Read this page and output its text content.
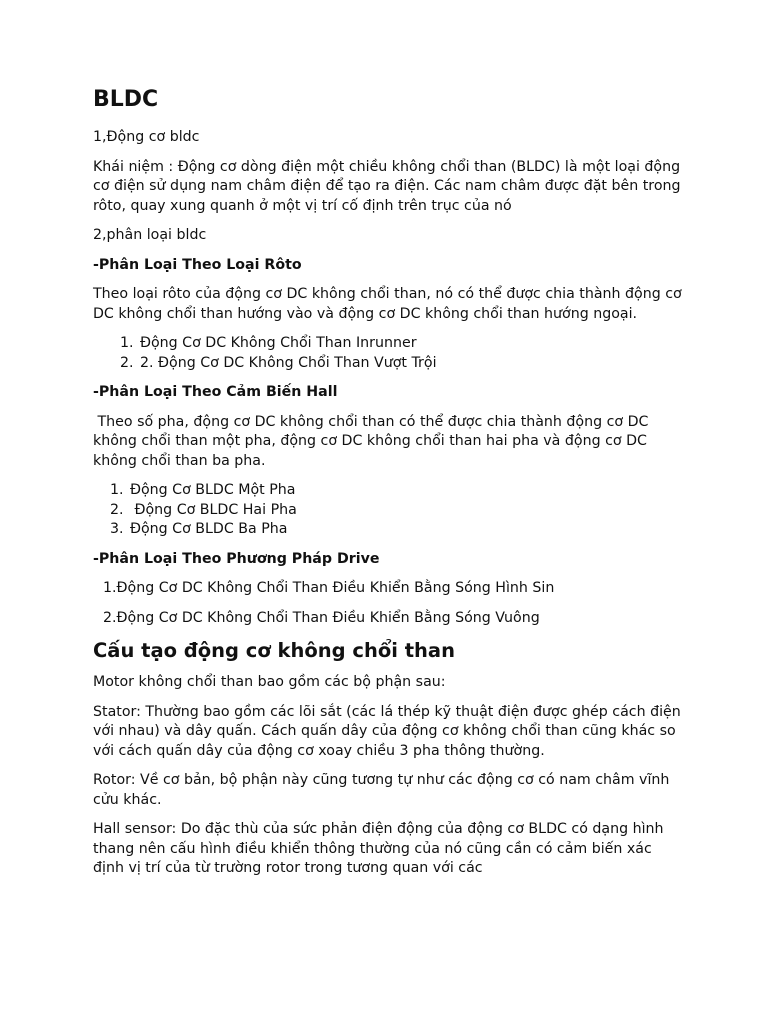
BLDC

1,Động cơ bldc

Khái niệm : Động cơ dòng điện một chiều không chổi than (BLDC) là một loại động cơ điện sử dụng nam châm điện để tạo ra điện. Các nam châm được đặt bên trong rôto, quay xung quanh ở một vị trí cố định trên trục của nó

2,phân loại bldc

-Phân Loại Theo Loại Rôto

Theo loại rôto của động cơ DC không chổi than, nó có thể được chia thành động cơ DC không chổi than hướng vào và động cơ DC không chổi than hướng ngoại.

1. Động Cơ DC Không Chổi Than Inrunner
2. 2. Động Cơ DC Không Chổi Than Vượt Trội

-Phân Loại Theo Cảm Biến Hall

Theo số pha, động cơ DC không chổi than có thể được chia thành động cơ DC không chổi than một pha, động cơ DC không chổi than hai pha và động cơ DC không chổi than ba pha.

1. Động Cơ BLDC Một Pha
2.  Động Cơ BLDC Hai Pha
3. Động Cơ BLDC Ba Pha

-Phân Loại Theo Phương Pháp Drive

1.Động Cơ DC Không Chổi Than Điều Khiển Bằng Sóng Hình Sin

2.Động Cơ DC Không Chổi Than Điều Khiển Bằng Sóng Vuông

Cấu tạo động cơ không chổi than

Motor không chổi than bao gồm các bộ phận sau:

Stator: Thường bao gồm các lõi sắt (các lá thép kỹ thuật điện được ghép cách điện với nhau) và dây quấn. Cách quấn dây của động cơ không chổi than cũng khác so với cách quấn dây của động cơ xoay chiều 3 pha thông thường.

Rotor: Về cơ bản, bộ phận này cũng tương tự như các động cơ có nam châm vĩnh cửu khác.

Hall sensor: Do đặc thù của sức phản điện động của động cơ BLDC có dạng hình thang nên cấu hình điều khiển thông thường của nó cũng cần có cảm biến xác định vị trí của từ trường rotor trong tương quan với các
